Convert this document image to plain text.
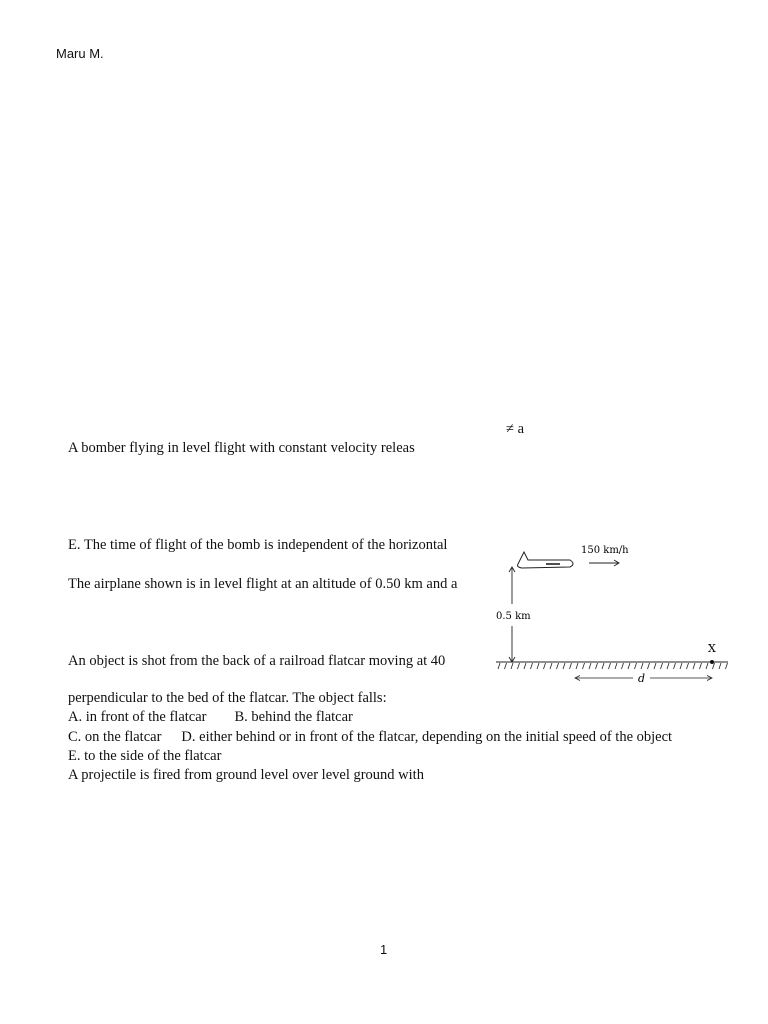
Maru M.
≠ a
A bomber flying in level flight with constant velocity releas
E. The time of flight of the bomb is independent of the horizontal
The airplane shown is in level flight at an altitude of 0.50 km and a
An object is shot from the back of a railroad flatcar moving at 40
perpendicular to the bed of the flatcar. The object falls:
A. in front of the flatcar B. behind the flatcar
C. on the flatcar D. either behind or in front of the flatcar, depending on the initial speed of the object
E. to the side of the flatcar
A projectile is fired from ground level over level ground with
150 km/h
0.5 km
X
d
1
